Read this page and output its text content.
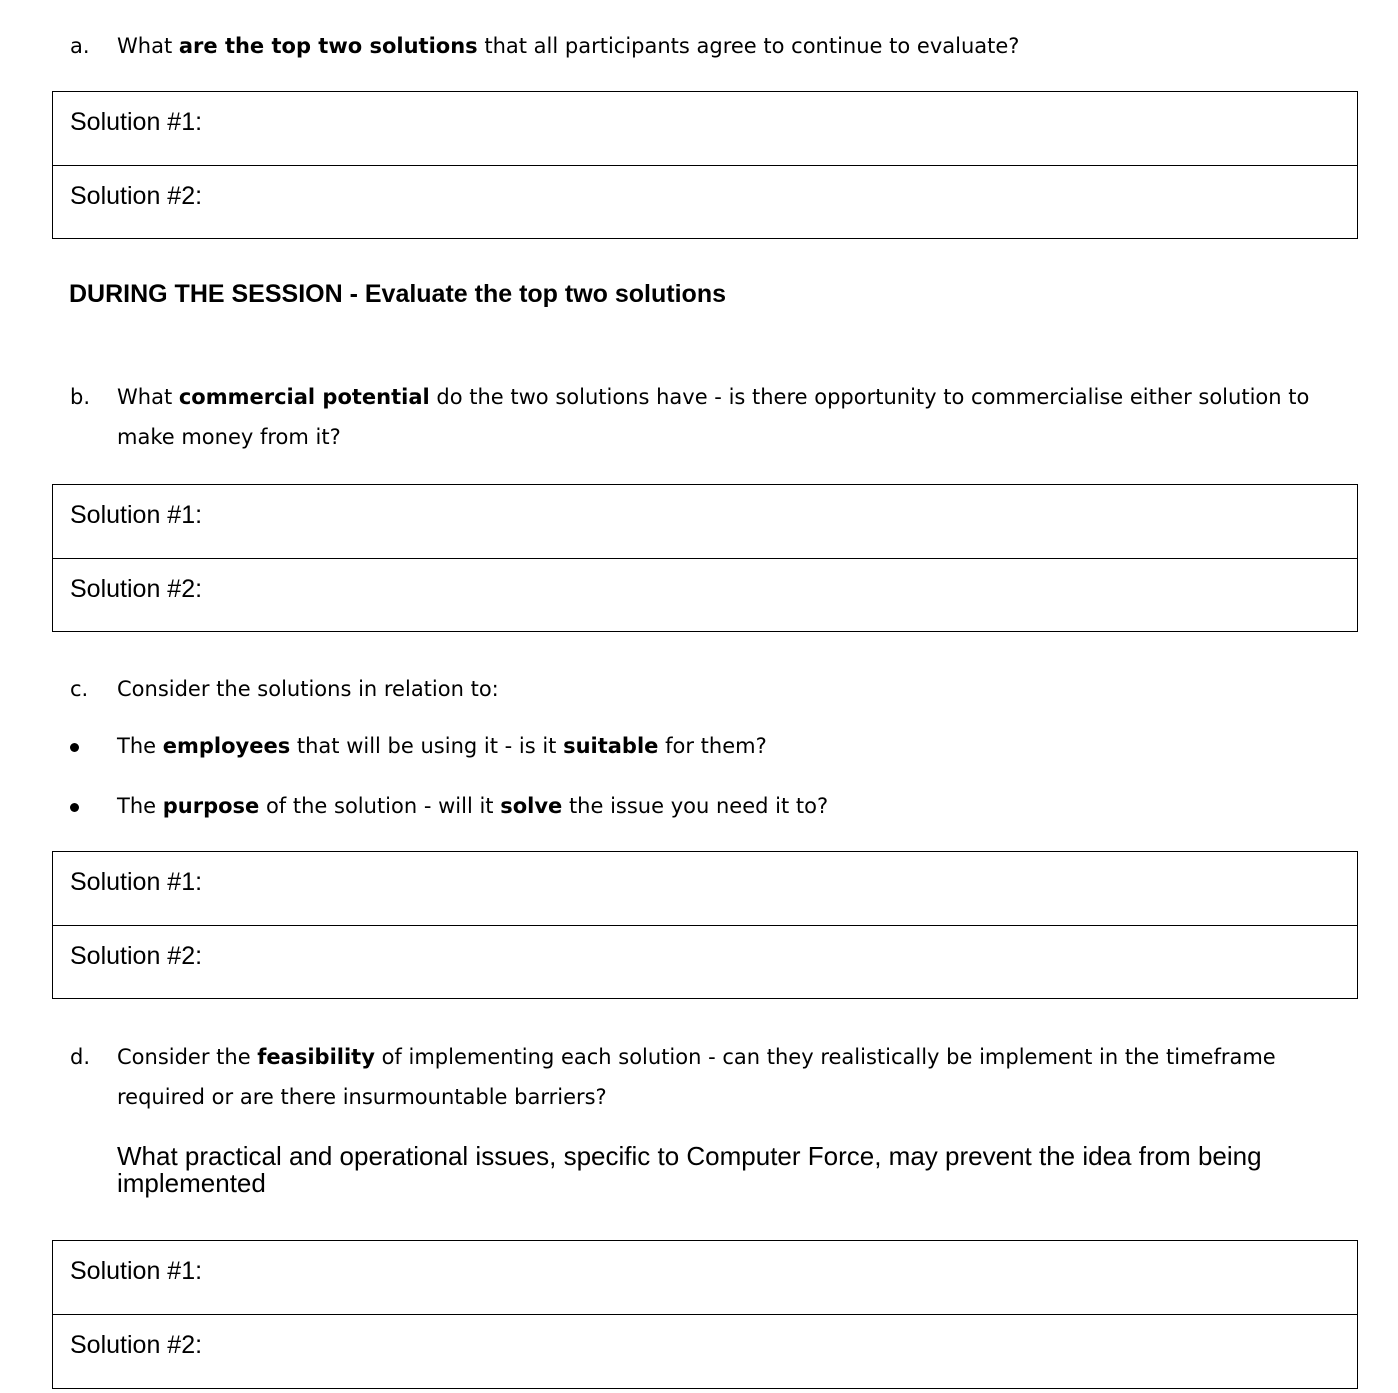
a. What are the top two solutions that all participants agree to continue to evaluate?
Solution #1:
Solution #2:
DURING THE SESSION - Evaluate the top two solutions
b. What commercial potential do the two solutions have - is there opportunity to commercialise either solution to make money from it?
Solution #1:
Solution #2:
c. Consider the solutions in relation to:
The employees that will be using it - is it suitable for them?
The purpose of the solution - will it solve the issue you need it to?
Solution #1:
Solution #2:
d. Consider the feasibility of implementing each solution - can they realistically be implement in the timeframe required or are there insurmountable barriers?
What practical and operational issues, specific to Computer Force, may prevent the idea from being implemented
Solution #1:
Solution #2:
